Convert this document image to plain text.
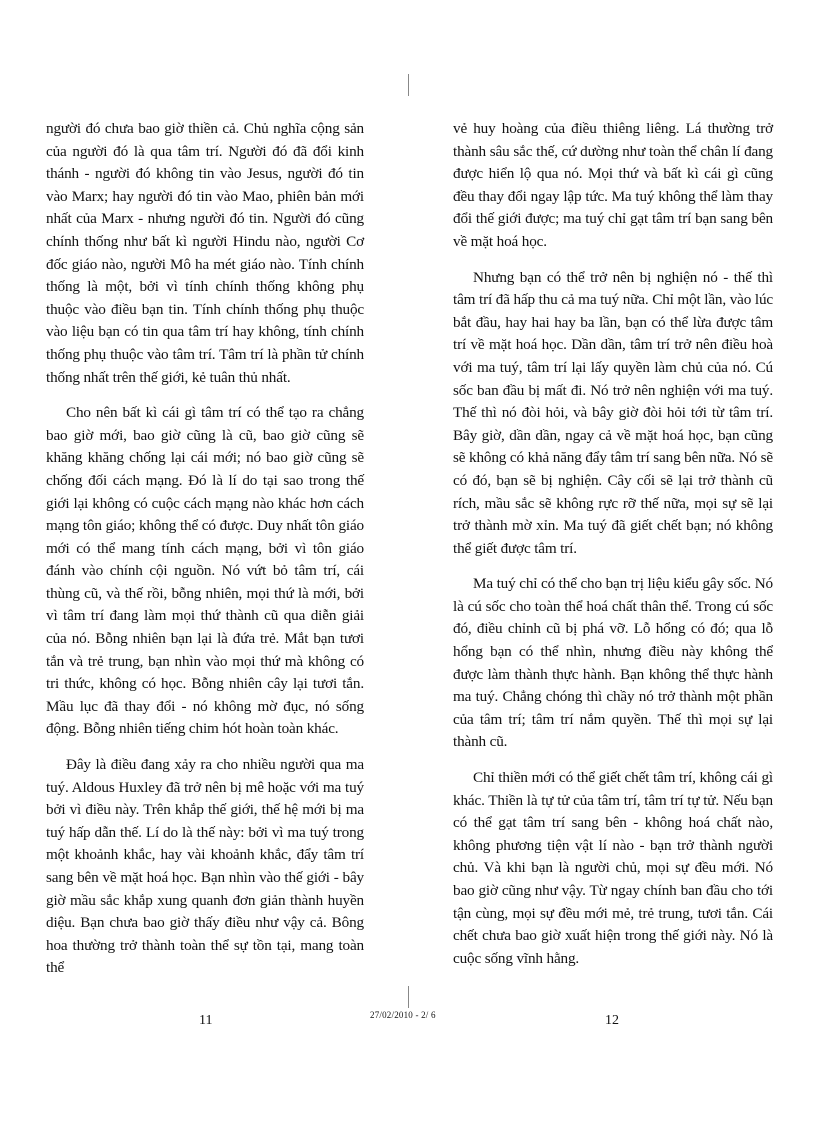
người đó chưa bao giờ thiền cả. Chủ nghĩa cộng sản của người đó là qua tâm trí. Người đó đã đổi kinh thánh - người đó không tin vào Jesus, người đó tin vào Marx; hay người đó tin vào Mao, phiên bản mới nhất của Marx - nhưng người đó tin. Người đó cũng chính thống như bất kì người Hindu nào, người Cơ đốc giáo nào, người Mô ha mét giáo nào. Tính chính thống là một, bởi vì tính chính thống không phụ thuộc vào điều bạn tin. Tính chính thống phụ thuộc vào liệu bạn có tin qua tâm trí hay không, tính chính thống phụ thuộc vào tâm trí. Tâm trí là phần tử chính thống nhất trên thế giới, kẻ tuân thủ nhất.

Cho nên bất kì cái gì tâm trí có thể tạo ra chẳng bao giờ mới, bao giờ cũng là cũ, bao giờ cũng sẽ khăng khăng chống lại cái mới; nó bao giờ cũng sẽ chống đối cách mạng. Đó là lí do tại sao trong thế giới lại không có cuộc cách mạng nào khác hơn cách mạng tôn giáo; không thể có được. Duy nhất tôn giáo mới có thể mang tính cách mạng, bởi vì tôn giáo đánh vào chính cội nguồn. Nó vứt bỏ tâm trí, cái thùng cũ, và thế rồi, bỗng nhiên, mọi thứ là mới, bởi vì tâm trí đang làm mọi thứ thành cũ qua diễn giải của nó. Bỗng nhiên bạn lại là đứa trẻ. Mắt bạn tươi tắn và trẻ trung, bạn nhìn vào mọi thứ mà không có tri thức, không có học. Bỗng nhiên cây lại tươi tắn. Mầu lục đã thay đổi - nó không mờ đục, nó sống động. Bỗng nhiên tiếng chim hót hoàn toàn khác.

Đây là điều đang xảy ra cho nhiều người qua ma tuý. Aldous Huxley đã trở nên bị mê hoặc với ma tuý bởi vì điều này. Trên khắp thế giới, thế hệ mới bị ma tuý hấp dẫn thế. Lí do là thế này: bởi vì ma tuý trong một khoảnh khắc, hay vài khoảnh khắc, đẩy tâm trí sang bên về mặt hoá học. Bạn nhìn vào thế giới - bây giờ mầu sắc khắp xung quanh đơn giản thành huyền diệu. Bạn chưa bao giờ thấy điều như vậy cả. Bông hoa thường trở thành toàn thể sự tồn tại, mang toàn thể

vẻ huy hoàng của điều thiêng liêng. Lá thường trở thành sâu sắc thế, cứ dường như toàn thể chân lí đang được hiển lộ qua nó. Mọi thứ và bất kì cái gì cũng đều thay đổi ngay lập tức. Ma tuý không thể làm thay đổi thế giới được; ma tuý chỉ gạt tâm trí bạn sang bên về mặt hoá học.

Nhưng bạn có thể trở nên bị nghiện nó - thế thì tâm trí đã hấp thu cả ma tuý nữa. Chỉ một lần, vào lúc bắt đầu, hay hai hay ba lần, bạn có thể lừa được tâm trí về mặt hoá học. Dần dần, tâm trí trở nên điều hoà với ma tuý, tâm trí lại lấy quyền làm chủ của nó. Cú sốc ban đầu bị mất đi. Nó trở nên nghiện với ma tuý. Thế thì nó đòi hỏi, và bây giờ đòi hỏi tới từ tâm trí. Bây giờ, dần dần, ngay cả về mặt hoá học, bạn cũng sẽ không có khả năng đẩy tâm trí sang bên nữa. Nó sẽ có đó, bạn sẽ bị nghiện. Cây cối sẽ lại trở thành cũ rích, mầu sắc sẽ không rực rỡ thế nữa, mọi sự sẽ lại trở thành mờ xỉn. Ma tuý đã giết chết bạn; nó không thể giết được tâm trí.

Ma tuý chỉ có thể cho bạn trị liệu kiểu gây sốc. Nó là cú sốc cho toàn thể hoá chất thân thể. Trong cú sốc đó, điều chỉnh cũ bị phá vỡ. Lỗ hổng có đó; qua lỗ hổng bạn có thể nhìn, nhưng điều này không thể được làm thành thực hành. Bạn không thể thực hành ma tuý. Chẳng chóng thì chầy nó trở thành một phần của tâm trí; tâm trí nắm quyền. Thế thì mọi sự lại thành cũ.

Chỉ thiền mới có thể giết chết tâm trí, không cái gì khác. Thiền là tự tử của tâm trí, tâm trí tự tử. Nếu bạn có thể gạt tâm trí sang bên - không hoá chất nào, không phương tiện vật lí nào - bạn trở thành người chủ. Và khi bạn là người chủ, mọi sự đều mới. Nó bao giờ cũng như vậy. Từ ngay chính ban đầu cho tới tận cùng, mọi sự đều mới mẻ, trẻ trung, tươi tắn. Cái chết chưa bao giờ xuất hiện trong thế giới này. Nó là cuộc sống vĩnh hằng.

11	27/02/2010 - 2/ 6	12
